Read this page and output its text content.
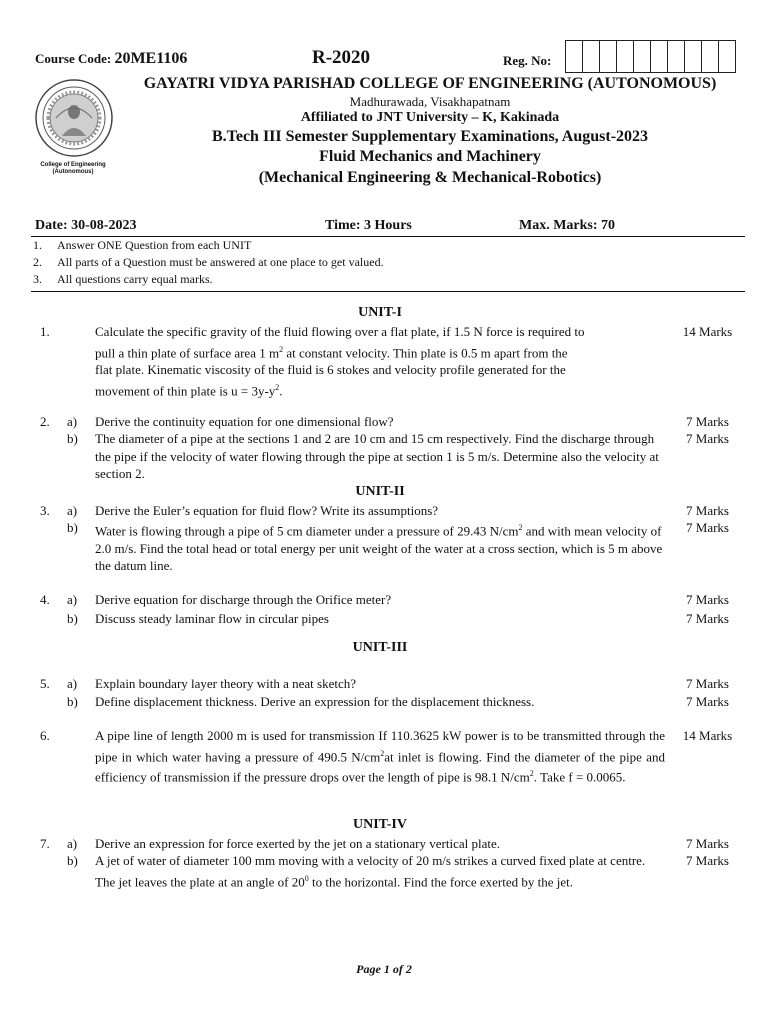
Course Code: 20ME1106	R-2020	Reg. No:
College of Engineering
(Autonomous)
GAYATRI VIDYA PARISHAD COLLEGE OF ENGINEERING (AUTONOMOUS)
Madhurawada, Visakhapatnam
Affiliated to JNT University – K, Kakinada
B.Tech III Semester Supplementary Examinations, August-2023
Fluid Mechanics and Machinery
(Mechanical Engineering & Mechanical-Robotics)
Date: 30-08-2023	Time: 3 Hours	Max. Marks: 70
1. Answer ONE Question from each UNIT
2. All parts of a Question must be answered at one place to get valued.
3. All questions carry equal marks.
UNIT-I
1.	Calculate the specific gravity of the fluid flowing over a flat plate, if 1.5 N force is required to
pull a thin plate of surface area 1 $m^2$ at constant velocity. Thin plate is 0.5 m apart from the
flat plate. Kinematic viscosity of the fluid is 6 stokes and velocity profile generated for the
movement of thin plate is $u = 3y-y^2$.
14 Marks
2. a) Derive the continuity equation for one dimensional flow?	7 Marks
b) The diameter of a pipe at the sections 1 and 2 are 10 cm and 15 cm respectively. Find the discharge through the pipe if the velocity of water flowing through the pipe at section 1 is 5 m/s. Determine also the velocity at section 2.
7 Marks
UNIT-II
3. a) Derive the Euler’s equation for fluid flow? Write its assumptions?	7 Marks
b) Water is flowing through a pipe of 5 cm diameter under a pressure of 29.43 $N/cm^2$ and with mean velocity of 2.0 m/s. Find the total head or total energy per unit weight of the water at a cross section, which is 5 m above the datum line.
7 Marks
4. a) Derive equation for discharge through the Orifice meter?	7 Marks
b) Discuss steady laminar flow in circular pipes	7 Marks
UNIT-III
5. a) Explain boundary layer theory with a neat sketch?	7 Marks
b) Define displacement thickness. Derive an expression for the displacement thickness.	7 Marks
6.	A pipe line of length 2000 m is used for transmission If 110.3625 kW power is to be transmitted through the pipe in which water having a pressure of 490.5 $N/cm^2at$ inlet is flowing. Find the diameter of the pipe and efficiency of transmission if the pressure drops over the length of pipe is 98.1 $N/cm^2$. Take f = 0.0065.
14 Marks
UNIT-IV
7. a) Derive an expression for force exerted by the jet on a stationary vertical plate.	7 Marks
b) A jet of water of diameter 100 mm moving with a velocity of 20 m/s strikes a curved fixed plate at centre. The jet leaves the plate at an angle of $20^0$ to the horizontal. Find the force exerted by the jet.
7 Marks
Page 1 of 2
